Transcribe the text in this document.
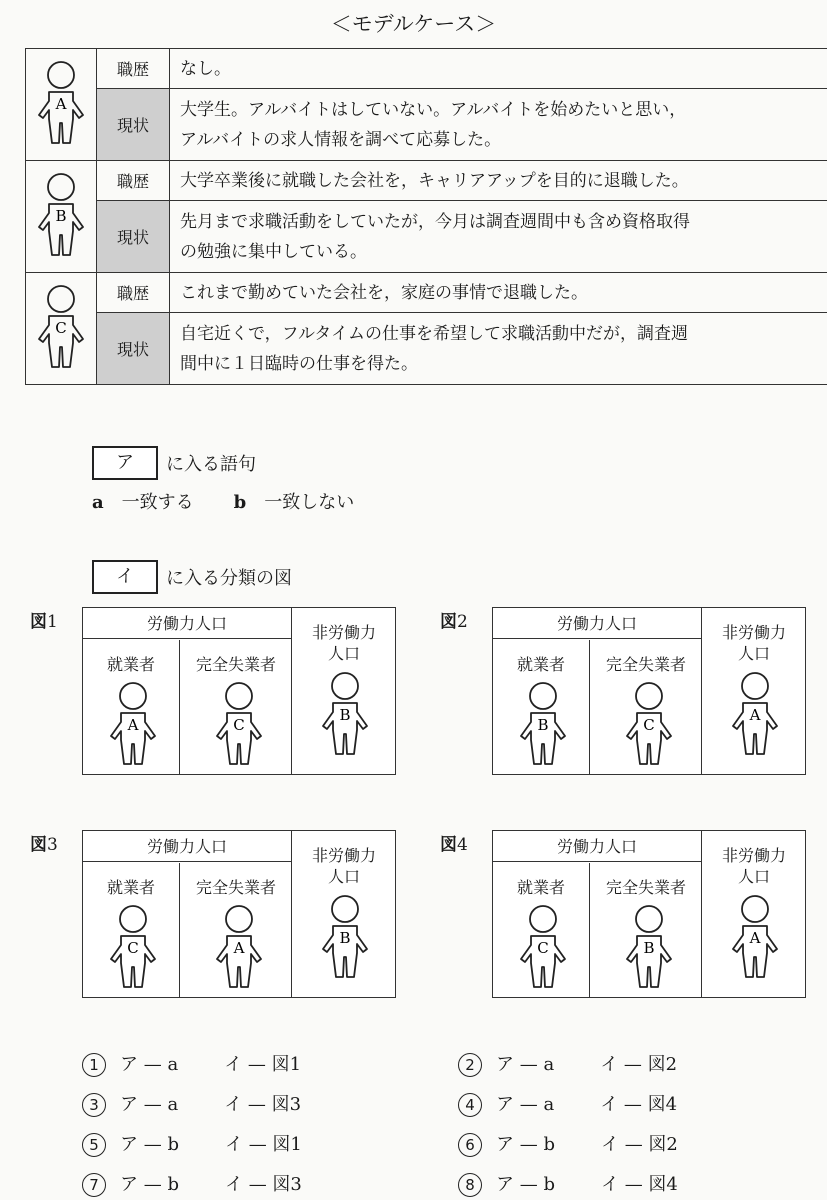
＜モデルケース＞
A	職歴	なし。
	現状	大学生。アルバイトはしていない。アルバイトを始めたいと思い，
アルバイトの求人情報を調べて応募した。

B	職歴	大学卒業後に就職した会社を，キャリアアップを目的に退職した。
	現状	先月まで求職活動をしていたが，今月は調査週間中も含め資格取得
の勉強に集中している。

C	職歴	これまで勤めていた会社を，家庭の事情で退職した。
	現状	自宅近くで，フルタイムの仕事を希望して求職活動中だが，調査週
間中に１日臨時の仕事を得た。
ア に入る語句
a 一致する b 一致しない
イ に入る分類の図
図1	労働力人口	非労働力
人口
就業者	完全失業者
A	C
B
図2	労働力人口	非労働力
人口
就業者	完全失業者
B	C
A
図3	労働力人口	非労働力
人口
就業者	完全失業者
C	A
B
図4	労働力人口	非労働力
人口
就業者	完全失業者
C	B
A
1 ア — a	イ — 図1	2 ア — a	イ — 図2
3 ア — a	イ — 図3	4 ア — a	イ — 図4
5 ア — b	イ — 図1	6 ア — b	イ — 図2
7 ア — b	イ — 図3	8 ア — b	イ — 図4
